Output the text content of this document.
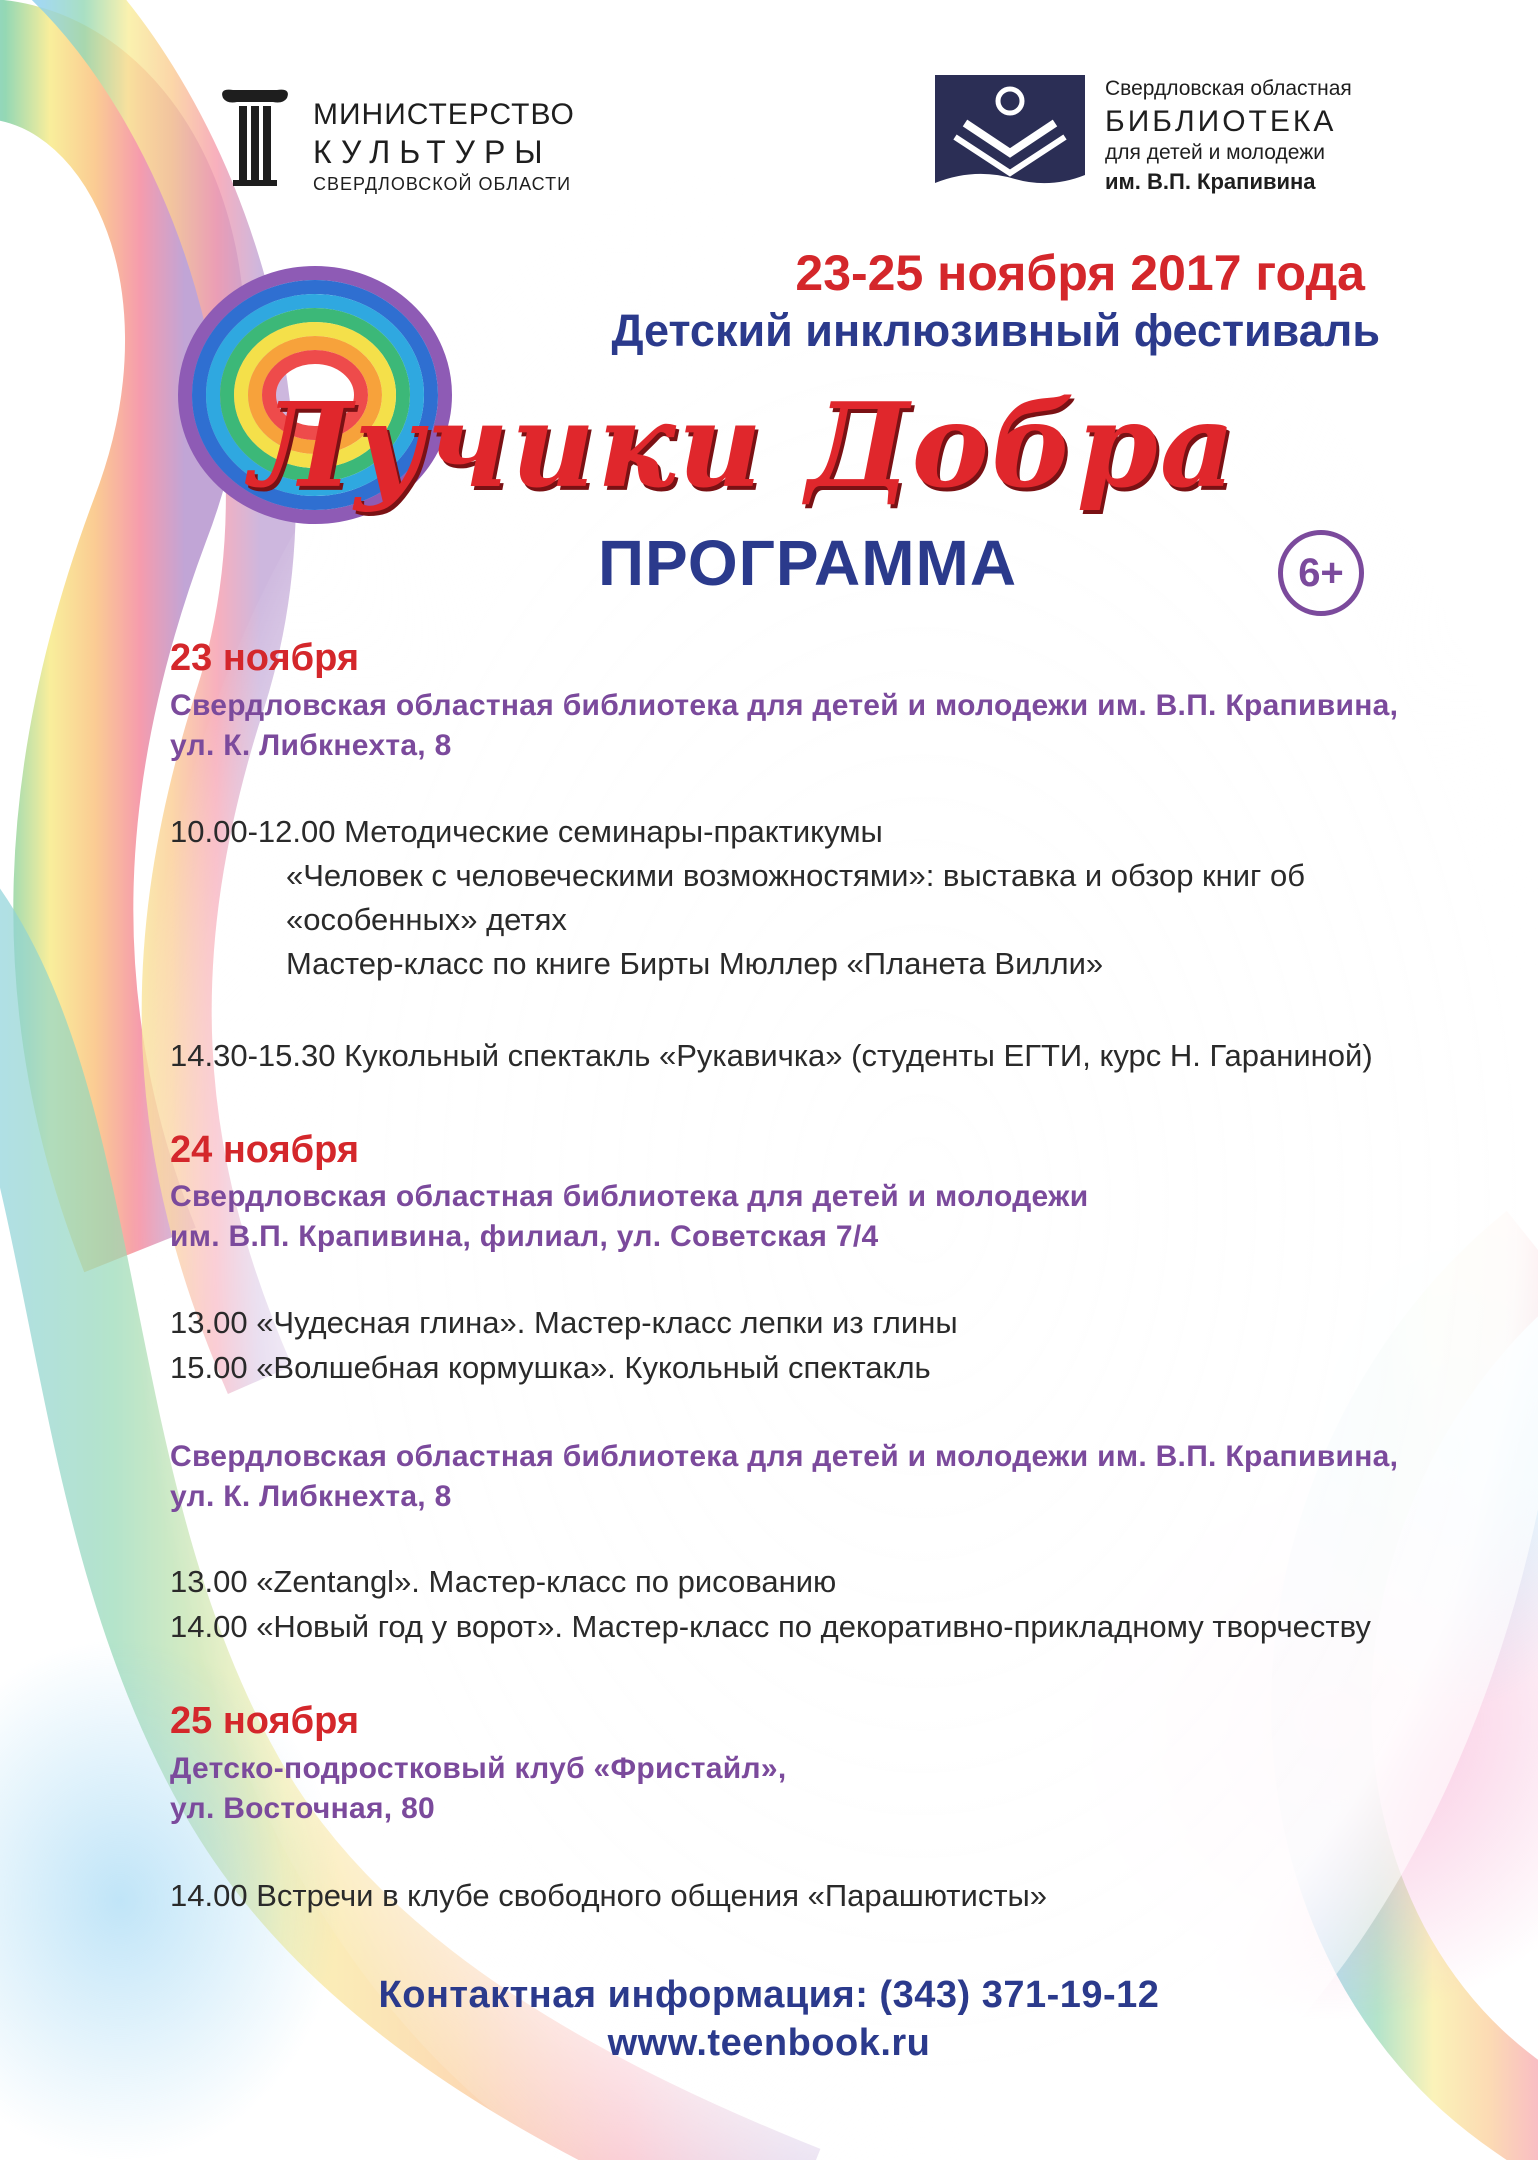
МИНИСТЕРСТВО
КУЛЬТУРЫ
СВЕРДЛОВСКОЙ ОБЛАСТИ
Свердловская областная
БИБЛИОТЕКА
для детей и молодежи
им. В.П. Крапивина
23-25 ноября 2017 года
Детский инклюзивный фестиваль
Лучики Добра
ПРОГРАММА	6+
23 ноября
Свердловская областная библиотека для детей и молодежи им. В.П. Крапивина,
ул. К. Либкнехта, 8
10.00-12.00 Методические семинары-практикумы
«Человек с человеческими возможностями»: выставка и обзор книг об
«особенных» детях
Мастер-класс по книге Бирты Мюллер «Планета Вилли»
14.30-15.30 Кукольный спектакль «Рукавичка» (студенты ЕГТИ, курс Н. Гараниной)
24 ноября
Свердловская областная библиотека для детей и молодежи
им. В.П. Крапивина, филиал, ул. Советская 7/4
13.00 «Чудесная глина». Мастер-класс лепки из глины
15.00 «Волшебная кормушка». Кукольный спектакль
Свердловская областная библиотека для детей и молодежи им. В.П. Крапивина,
ул. К. Либкнехта, 8
13.00 «Zentangl». Мастер-класс по рисованию
14.00 «Новый год у ворот». Мастер-класс по декоративно-прикладному творчеству
25 ноября
Детско-подростковый клуб «Фристайл»,
ул. Восточная, 80
14.00 Встречи в клубе свободного общения «Парашютисты»
Контактная информация: (343) 371-19-12
www.teenbook.ru
